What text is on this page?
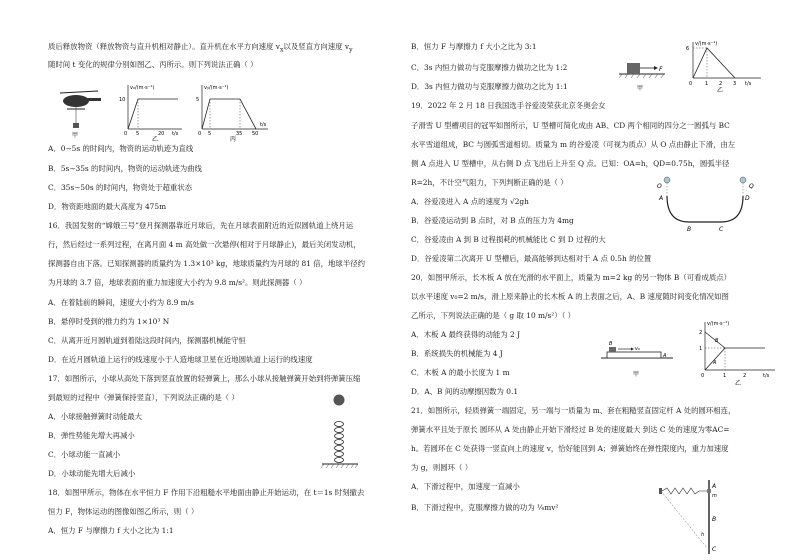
质后释放物资（释放物资与直升机相对静止）。直升机在水平方向速度 $v_x$以及竖直方向速度 $v_y$
随时间 t 变化的规律分别如图乙、丙所示。则下列说法正确（ ）
甲
vx/(m·s⁻¹)
10
0 5	20 t/s
乙
vy/(m·s⁻¹)
5
0 5	35 50
t/s
丙
A．0∼5s 的时间内，物资的运动轨迹为直线
B．5s∼35s 的时间内，物资的运动轨迹为曲线
C．35s∼50s 的时间内，物资处于超重状态
D．物资距地面的最大高度为 475m
16．我国发射的“嫦娥三号”登月探测器靠近月球后，先在月球表面附近的近似圆轨道上绕月运
行，然后经过一系列过程，在离月面 4 m 高处做一次悬停(相对于月球静止)，最后关闭发动机，
探测器自由下落。已知探测器的质量约为 1.3×10³ kg，地球质量约为月球的 81 倍，地球半径约
为月球的 3.7 倍，地球表面的重力加速度大小约为 9.8 m/s²。则此探测器（ ）
A．在着陆前的瞬间，速度大小约为 8.9 m/s
B．悬停时受到的推力约为 1×10³ N
C．从离开近月圆轨道到着陆这段时间内，探测器机械能守恒
D．在近月圆轨道上运行的线速度小于人造地球卫星在近地圆轨道上运行的线速度
17．如图所示，小球从高处下落到竖直放置的轻弹簧上，那么小球从接触弹簧开始到将弹簧压缩
到最短的过程中（弹簧保持竖直），下列说法正确的是（ ）
A．小球接触弹簧时动能最大
B．弹性势能先增大再减小
C．小球动能一直减小
D．小球动能先增大后减小
18．如图甲所示，物体在水平恒力 F 作用下沿粗糙水平地面由静止开始运动，在 t＝1s 时刻撤去
恒力 F，物体运动的图像如图乙所示，则（ ）
A．恒力 F 与摩擦力 f 大小之比为 1:1
B．恒力 F 与摩擦力 f 大小之比为 3:1
C．3s 内恒力做功与克服摩擦力做功之比为 1:2
D．3s 内恒力做功与克服摩擦力做功之比为 1:1
F
甲
v/(m·s⁻¹)
6
0	1 2 3 t/s
乙
19．2022 年 2 月 18 日我国选手谷爱凌荣获北京冬奥会女
子滑雪 U 型槽项目的冠军如图所示，U 型槽可简化成由 AB、CD 两个相同的四分之一圆弧与 BC
水平雪道组成，BC 与圆弧雪道相切。质量为 m 的谷爱凌（可视为质点）从 O 点由静止下滑，由左
侧 A 点进入 U 型槽中，从右侧 D 点飞出后上升至 Q 点。已知：OA=h，QD=0.75h，圆弧半径
R=2h，不计空气阻力，下列判断正确的是（ ）
A．谷爱凌进入 A 点的速度为 √2gh
B．谷爱凌运动到 B 点时，对 B 点的压力为 4mg
C．谷爱凌由 A 到 B 过程损耗的机械能比 C 到 D 过程的大
D．谷爱凌第二次离开 U 型槽后，最高能够到达相对于 A 点 0.5h 的位置
O	Q
A	D
B	C
20．如图甲所示，长木板 A 放在光滑的水平面上，质量为 m=2 kg 的另一物体 B（可看成质点）
以水平速度 v₀=2 m/s，滑上原来静止的长木板 A 的上表面之后，A、B 速度随时间变化情况如图
乙所示，下列说法正确的是（ g 取 10 m/s²）（ ）
A．木板 A 最终获得的动能为 2 J
B．系统损失的机械能为 4 J
C．木板 A 的最小长度为 1 m
D．A、B 间的动摩擦因数为 0.1
v₀
B
A
甲
v/(m·s⁻¹)
2
1
0	1	2	t/s
B
A
乙
21．如图所示，轻质弹簧一端固定，另一端与一质量为 m、套在粗糙竖直固定杆 A 处的圆环相连，
弹簧水平且处于原长 圆环从 A 处由静止开始下滑经过 B 处的速度最大 到达 C 处的速度为零AC=
h。若圆环在 C 处获得一竖直向上的速度 v，恰好能回到 A；弹簧始终在弹性限度内，重力加速度
为 g，则圆环（ ）
A．下滑过程中，加速度一直减小
B．下滑过程中，克服摩擦力做的功为 ¼mv²
A
m
B
h
C
